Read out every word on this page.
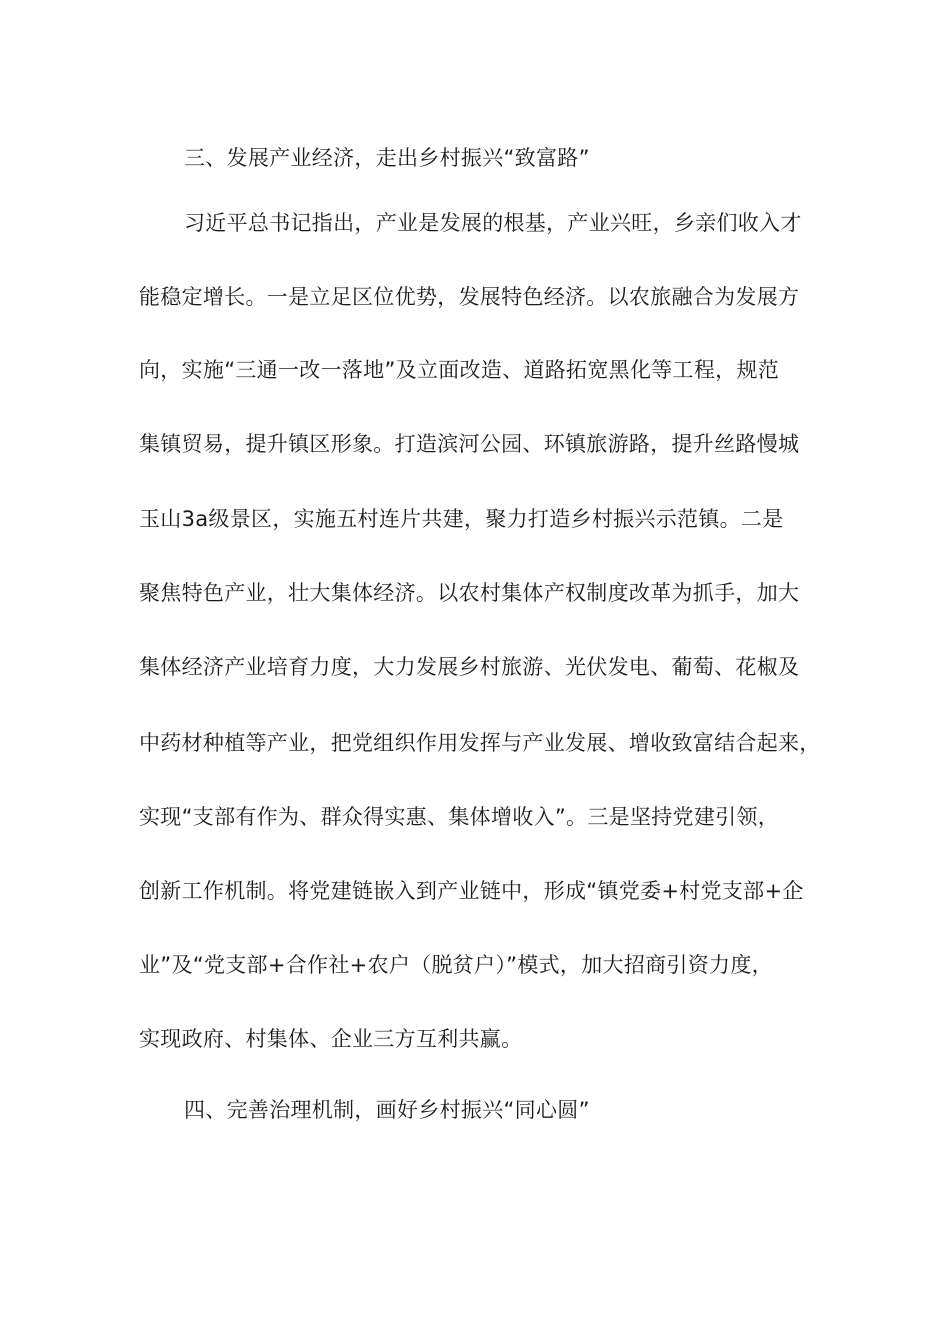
三、发展产业经济，走出乡村振兴“致富路”
习近平总书记指出，产业是发展的根基，产业兴旺，乡亲们收入才
能稳定增长。一是立足区位优势，发展特色经济。以农旅融合为发展方
向，实施“三通一改一落地”及立面改造、道路拓宽黑化等工程，规范
集镇贸易，提升镇区形象。打造滨河公园、环镇旅游路，提升丝路慢城
玉山3a级景区，实施五村连片共建，聚力打造乡村振兴示范镇。二是
聚焦特色产业，壮大集体经济。以农村集体产权制度改革为抓手，加大
集体经济产业培育力度，大力发展乡村旅游、光伏发电、葡萄、花椒及
中药材种植等产业，把党组织作用发挥与产业发展、增收致富结合起来，
实现“支部有作为、群众得实惠、集体增收入”。三是坚持党建引领，
创新工作机制。将党建链嵌入到产业链中，形成“镇党委+村党支部+企
业”及“党支部+合作社+农户（脱贫户）”模式，加大招商引资力度，
实现政府、村集体、企业三方互利共赢。
四、完善治理机制，画好乡村振兴“同心圆”
